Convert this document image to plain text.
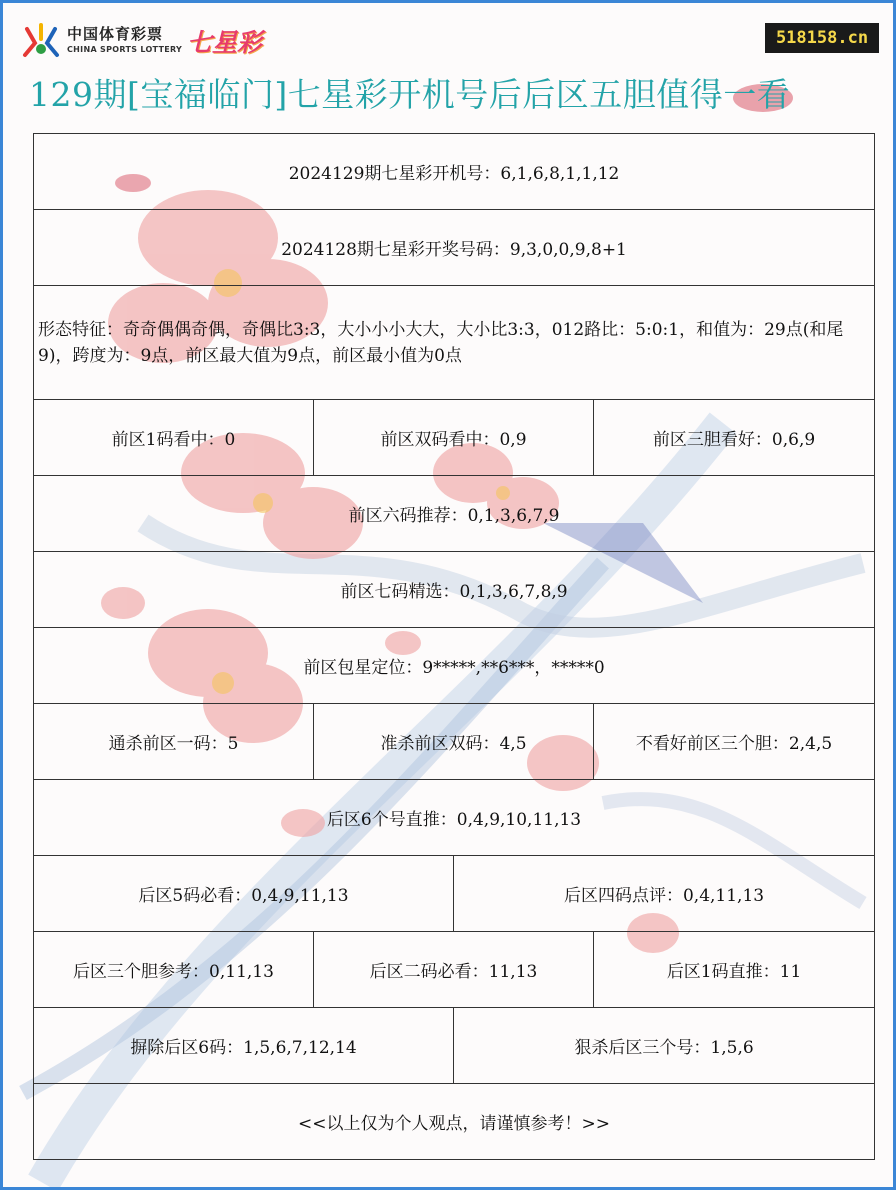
中国体育彩票
CHINA SPORTS LOTTERY 七星彩	518158.cn
129期[宝福临门]七星彩开机号后后区五胆值得一看
2024129期七星彩开机号：6,1,6,8,1,1,12			
2024128期七星彩开奖号码：9,3,0,0,9,8+1			
形态特征：奇奇偶偶奇偶，奇偶比3:3，大小小小大大，大小比3:3，012路比：5:0:1，和值为：29点(和尾9)，跨度为：9点，前区最大值为9点，前区最小值为0点			
前区1码看中：0	前区双码看中：0,9		前区三胆看好：0,6,9
前区六码推荐：0,1,3,6,7,9			
前区七码精选：0,1,3,6,7,8,9			
前区包星定位：9*****,**6***，*****0			
通杀前区一码：5	准杀前区双码：4,5		不看好前区三个胆：2,4,5
后区6个号直推：0,4,9,10,11,13			
后区5码必看：0,4,9,11,13		后区四码点评：0,4,11,13	
后区三个胆参考：0,11,13	后区二码必看：11,13		后区1码直推：11
摒除后区6码：1,5,6,7,12,14		狠杀后区三个号：1,5,6	
<<以上仅为个人观点，请谨慎参考！>>			
